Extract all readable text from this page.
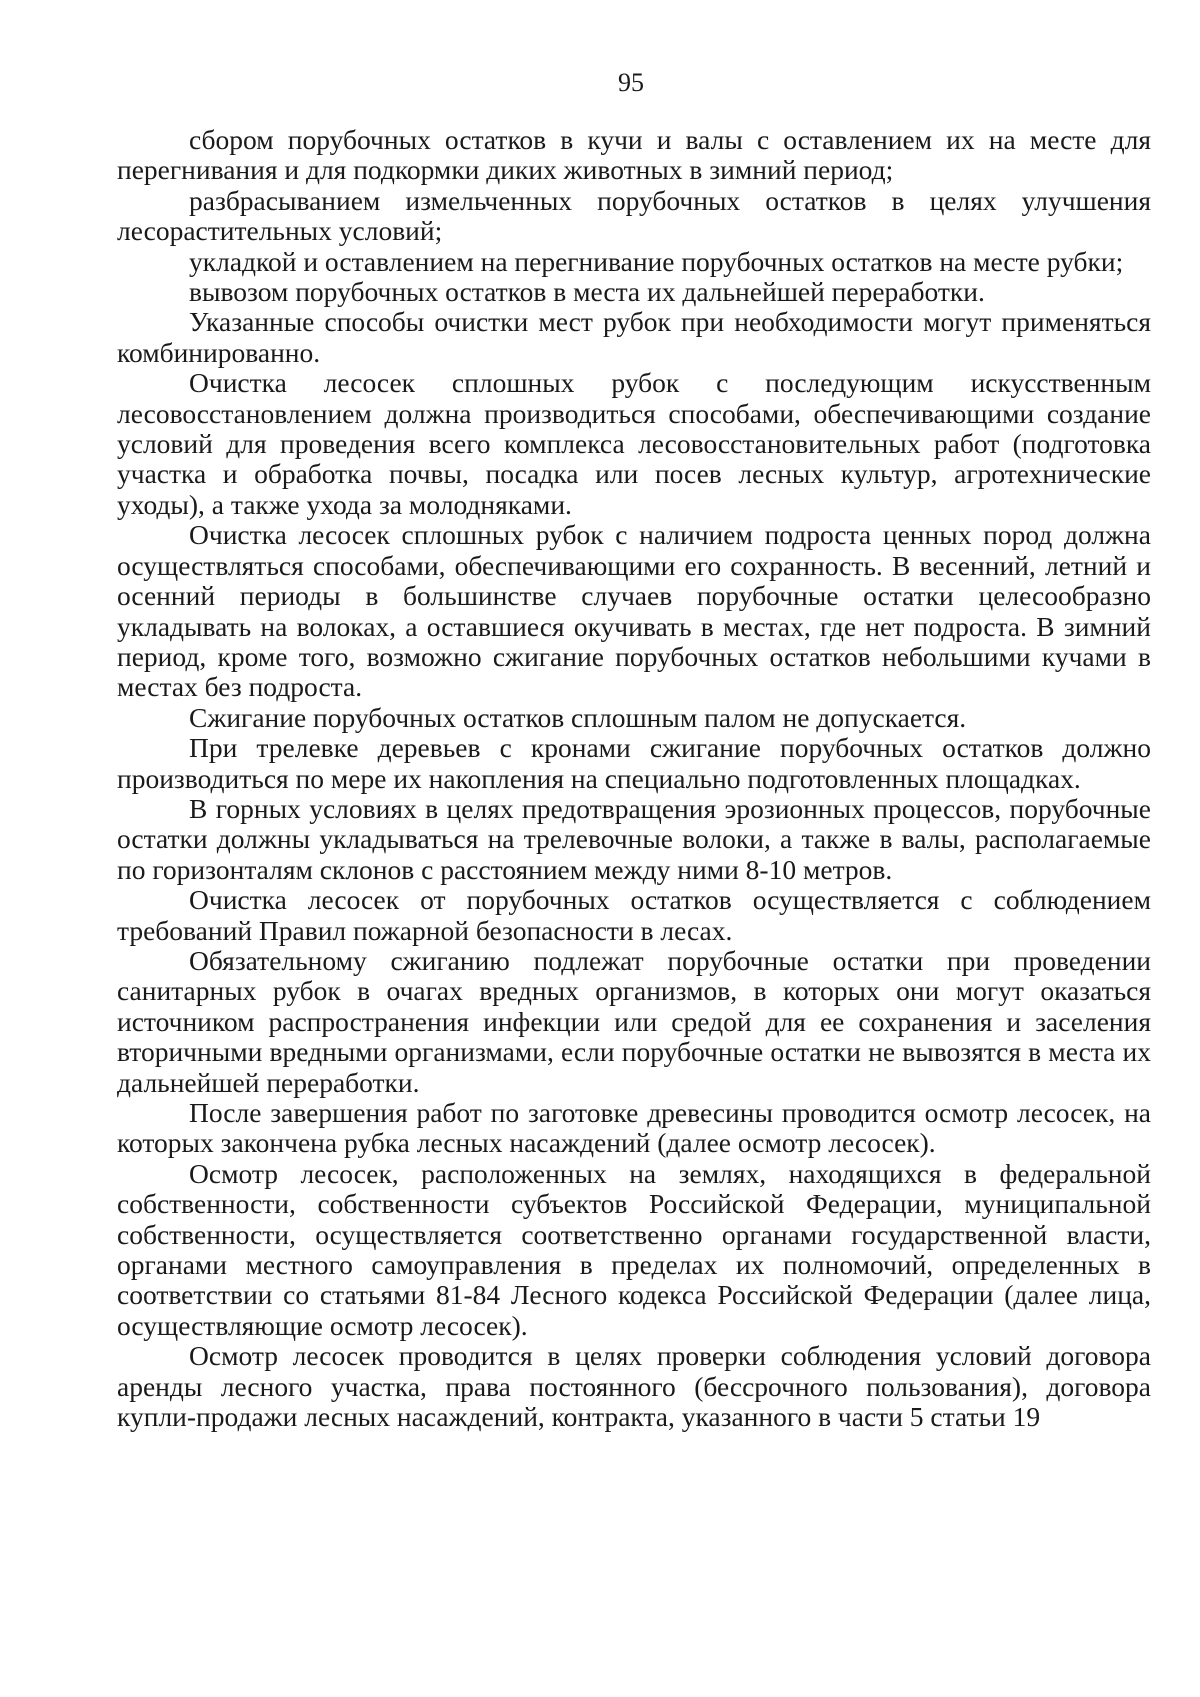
95

сбором порубочных остатков в кучи и валы с оставлением их на месте для перегнивания и для подкормки диких животных в зимний период;

разбрасыванием измельченных порубочных остатков в целях улучшения лесорастительных условий;

укладкой и оставлением на перегнивание порубочных остатков на месте рубки;

вывозом порубочных остатков в места их дальнейшей переработки.

Указанные способы очистки мест рубок при необходимости могут применяться комбинированно.

Очистка лесосек сплошных рубок с последующим искусственным лесовосстановлением должна производиться способами, обеспечивающими создание условий для проведения всего комплекса лесовосстановительных работ (подготовка участка и обработка почвы, посадка или посев лесных культур, агротехнические уходы), а также ухода за молодняками.

Очистка лесосек сплошных рубок с наличием подроста ценных пород должна осуществляться способами, обеспечивающими его сохранность. В весенний, летний и осенний периоды в большинстве случаев порубочные остатки целесообразно укладывать на волоках, а оставшиеся окучивать в местах, где нет подроста. В зимний период, кроме того, возможно сжигание порубочных остатков небольшими кучами в местах без подроста.

Сжигание порубочных остатков сплошным палом не допускается.

При трелевке деревьев с кронами сжигание порубочных остатков должно производиться по мере их накопления на специально подготовленных площадках.

В горных условиях в целях предотвращения эрозионных процессов, порубочные остатки должны укладываться на трелевочные волоки, а также в валы, располагаемые по горизонталям склонов с расстоянием между ними 8-10 метров.

Очистка лесосек от порубочных остатков осуществляется с соблюдением требований Правил пожарной безопасности в лесах.

Обязательному сжиганию подлежат порубочные остатки при проведении санитарных рубок в очагах вредных организмов, в которых они могут оказаться источником распространения инфекции или средой для ее сохранения и заселения вторичными вредными организмами, если порубочные остатки не вывозятся в места их дальнейшей переработки.

После завершения работ по заготовке древесины проводится осмотр лесосек, на которых закончена рубка лесных насаждений (далее осмотр лесосек).

Осмотр лесосек, расположенных на землях, находящихся в федеральной собственности, собственности субъектов Российской Федерации, муниципальной собственности, осуществляется соответственно органами государственной власти, органами местного самоуправления в пределах их полномочий, определенных в соответствии со статьями 81-84 Лесного кодекса Российской Федерации (далее лица, осуществляющие осмотр лесосек).

Осмотр лесосек проводится в целях проверки соблюдения условий договора аренды лесного участка, права постоянного (бессрочного пользования), договора купли-продажи лесных насаждений, контракта, указанного в части 5 статьи 19
